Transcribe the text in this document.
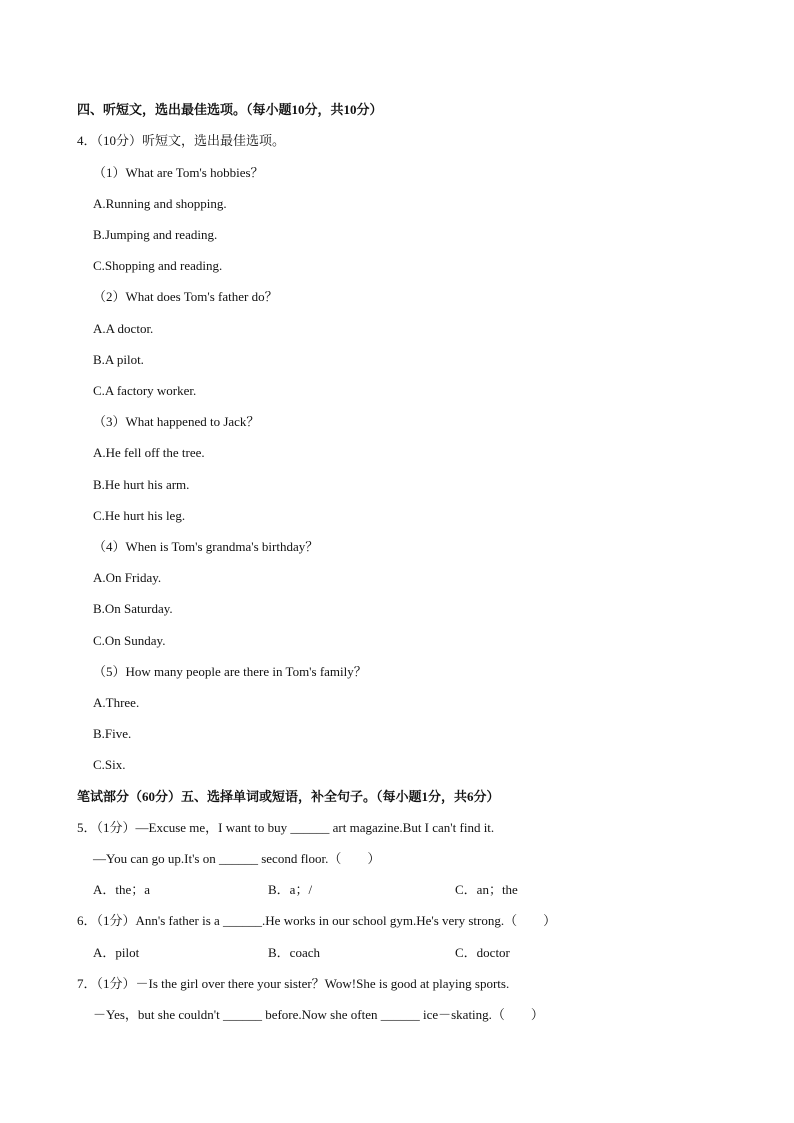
四、听短文，选出最佳选项。（每小题10分，共10分）
4．（10分）听短文，选出最佳选项。
（1）What are Tom's hobbies？
A.Running and shopping.
B.Jumping and reading.
C.Shopping and reading.
（2）What does Tom's father do？
A.A doctor.
B.A pilot.
C.A factory worker.
（3）What happened to Jack？
A.He fell off the tree.
B.He hurt his arm.
C.He hurt his leg.
（4）When is Tom's grandma's birthday？
A.On Friday.
B.On Saturday.
C.On Sunday.
（5）How many people are there in Tom's family？
A.Three.
B.Five.
C.Six.
笔试部分（60分）五、选择单词或短语，补全句子。（每小题1分，共6分）
5．（1分）—Excuse me，I want to buy ______ art magazine.But I can't find it.
—You can go up.It's on ______ second floor.（　　）
A．the；a	B．a；/	C．an；the
6．（1分）Ann's father is a ______.He works in our school gym.He's very strong.（　　）
A．pilot	B．coach	C．doctor
7．（1分）－Is the girl over there your sister？Wow!She is good at playing sports.
－Yes，but she couldn't ______ before.Now she often ______ ice－skating.（　　）
